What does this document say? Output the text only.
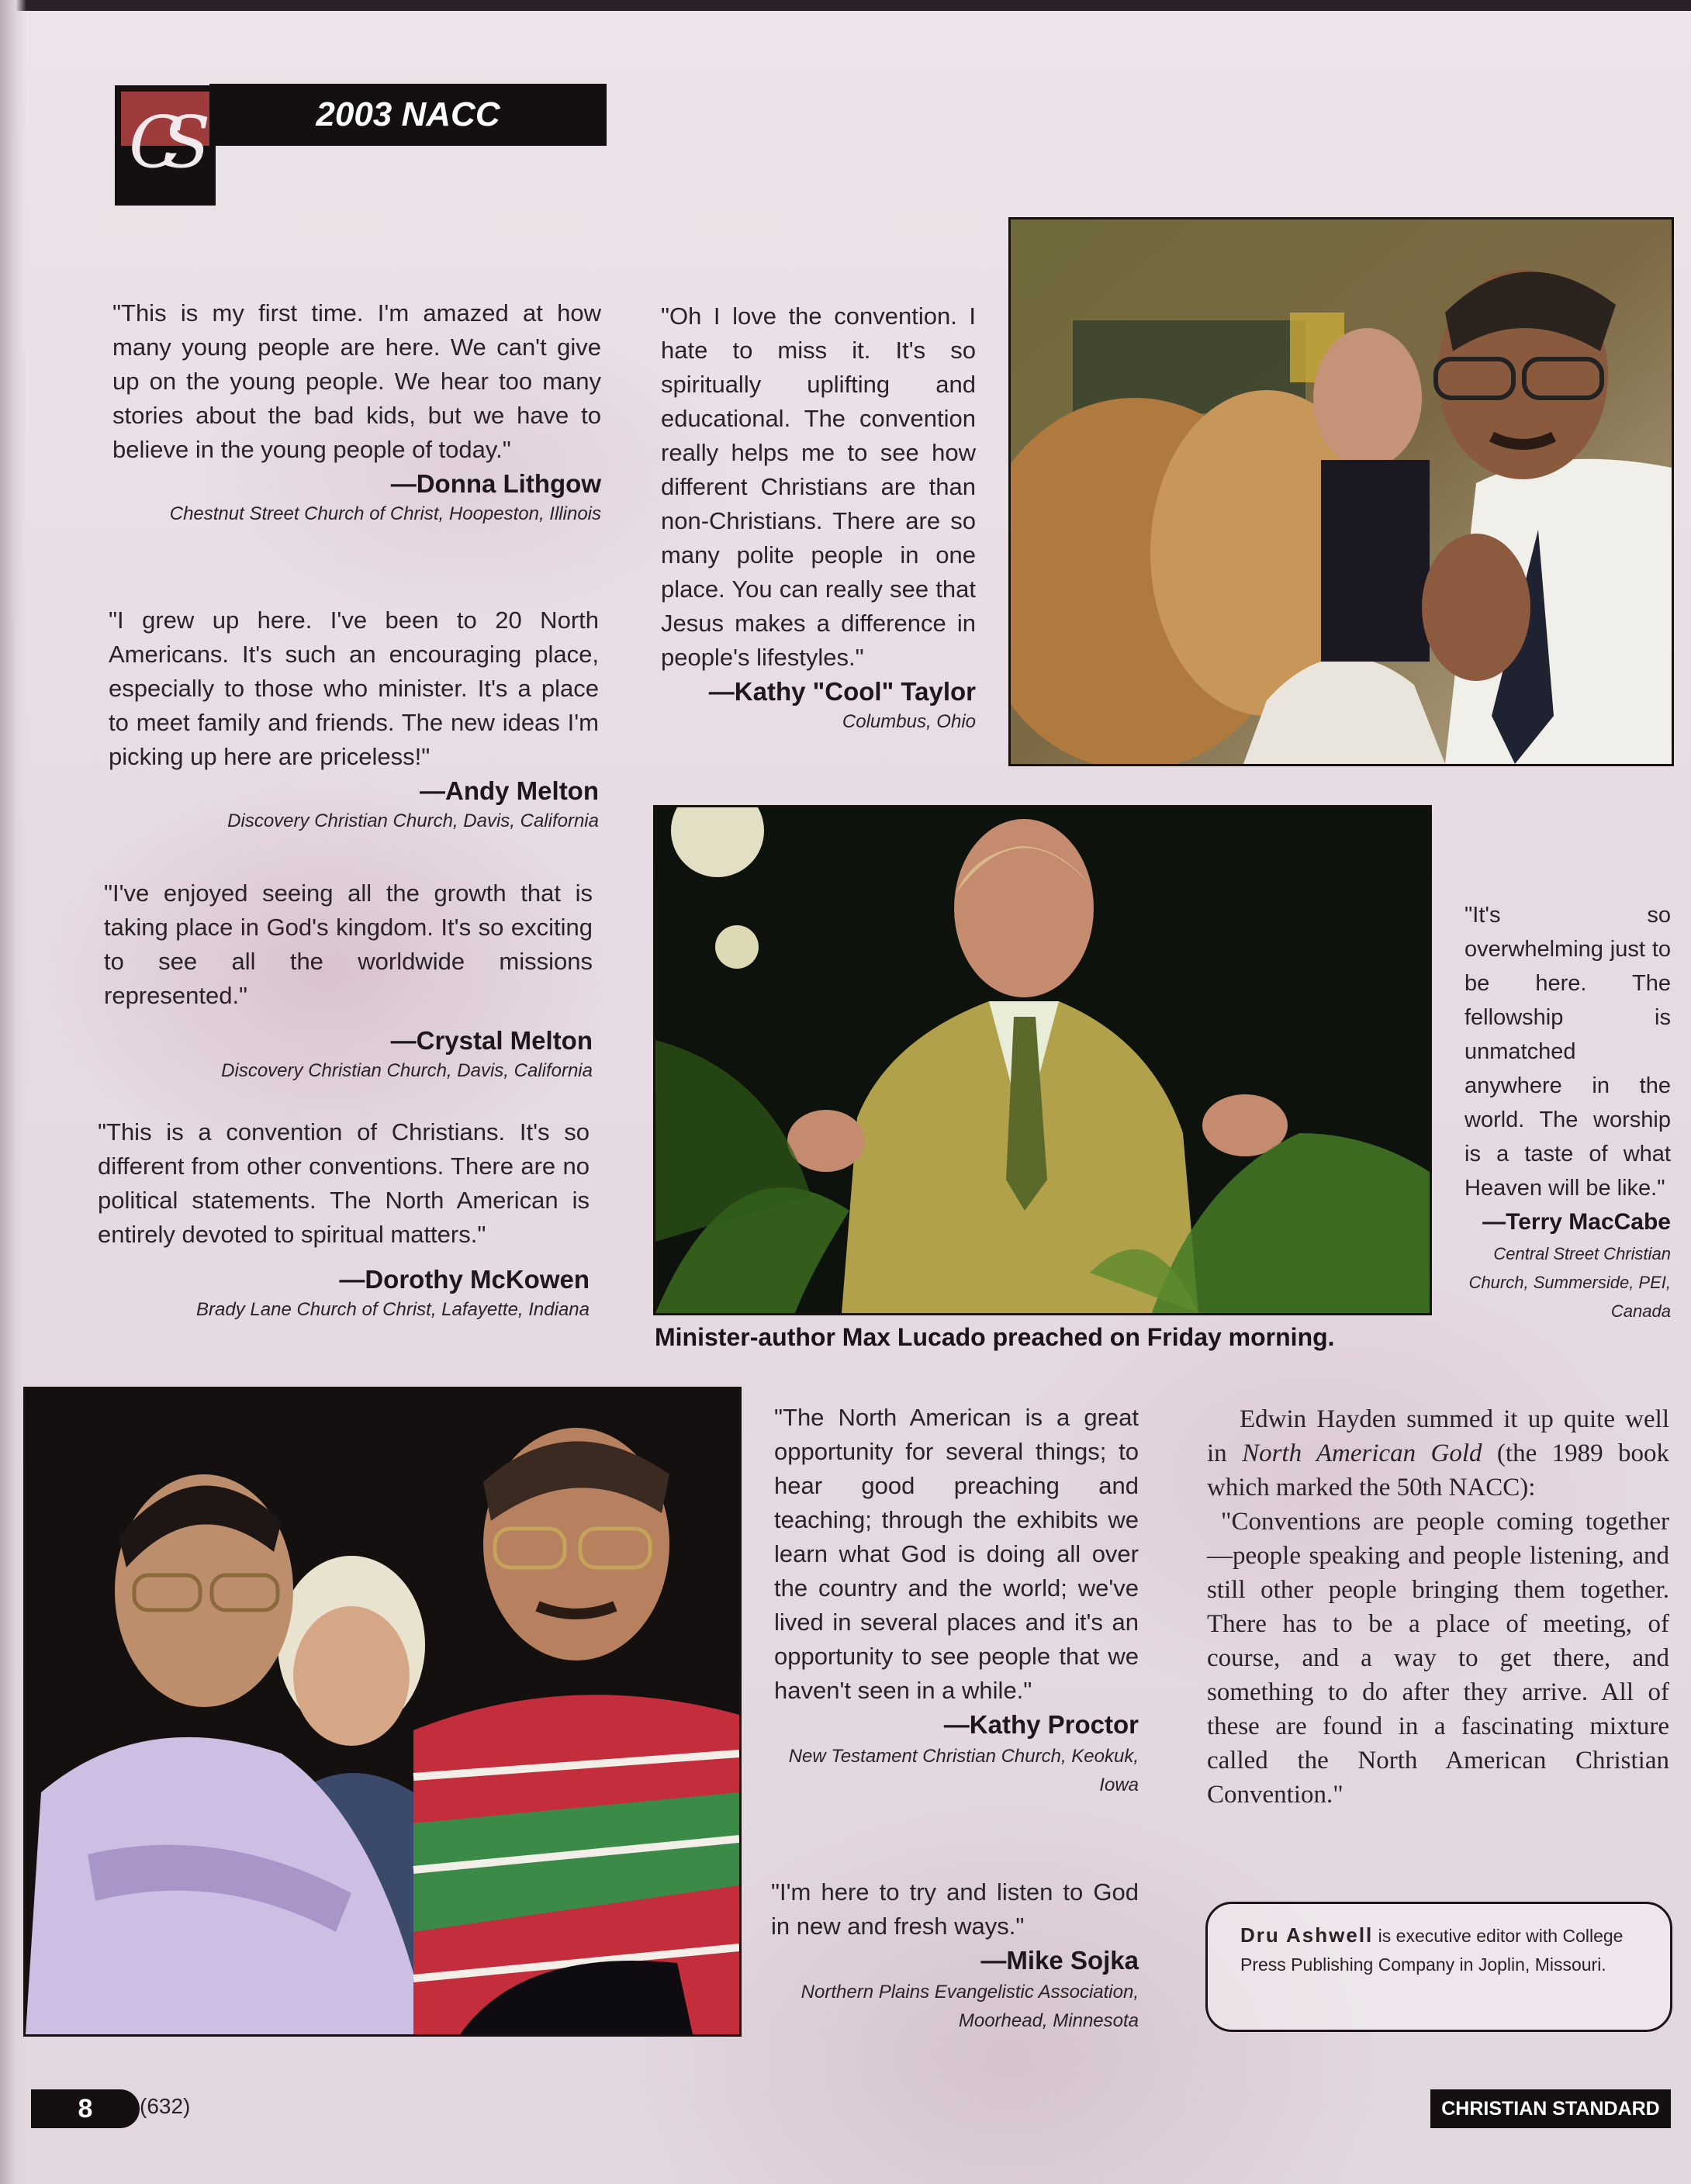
CS	2003 NACC

"This is my first time. I'm amazed at how many young people are here. We can't give up on the young people. We hear too many stories about the bad kids, but we have to believe in the young people of today."

—Donna Lithgow

Chestnut Street Church of Christ, Hoopeston, Illinois

"I grew up here. I've been to 20 North Americans. It's such an encouraging place, especially to those who minister. It's a place to meet family and friends. The new ideas I'm picking up here are priceless!"

—Andy Melton

Discovery Christian Church, Davis, California

"I've enjoyed seeing all the growth that is taking place in God's kingdom. It's so exciting to see all the worldwide missions represented."

—Crystal Melton

Discovery Christian Church, Davis, California

"This is a convention of Christians. It's so different from other conventions. There are no political statements. The North American is entirely devoted to spiritual matters."

—Dorothy McKowen

Brady Lane Church of Christ, Lafayette, Indiana

"Oh I love the convention. I hate to miss it. It's so spiritually uplifting and educational. The convention really helps me to see how different Christians are than non-Christians. There are so many polite people in one place. You can really see that Jesus makes a difference in people's lifestyles."

—Kathy "Cool" Taylor

Columbus, Ohio

Minister-author Max Lucado preached on Friday morning.

"It's so overwhelming just to be here. The fellowship is unmatched anywhere in the world. The worship is a taste of what Heaven will be like."

—Terry MacCabe

Central Street Christian Church, Summerside, PEI, Canada

"The North American is a great opportunity for several things; to hear good preaching and teaching; through the exhibits we learn what God is doing all over the country and the world; we've lived in several places and it's an opportunity to see people that we haven't seen in a while."

—Kathy Proctor

New Testament Christian Church, Keokuk, Iowa

"I'm here to try and listen to God in new and fresh ways."

—Mike Sojka

Northern Plains Evangelistic Association, Moorhead, Minnesota

Edwin Hayden summed it up quite well in North American Gold (the 1989 book which marked the 50th NACC):

"Conventions are people coming together—people speaking and people listening, and still other people bringing them together. There has to be a place of meeting, of course, and a way to get there, and something to do after they arrive. All of these are found in a fascinating mixture called the North American Christian Convention."

Dru Ashwell is executive editor with College Press Publishing Company in Joplin, Missouri.

8	(632)	CHRISTIAN STANDARD
